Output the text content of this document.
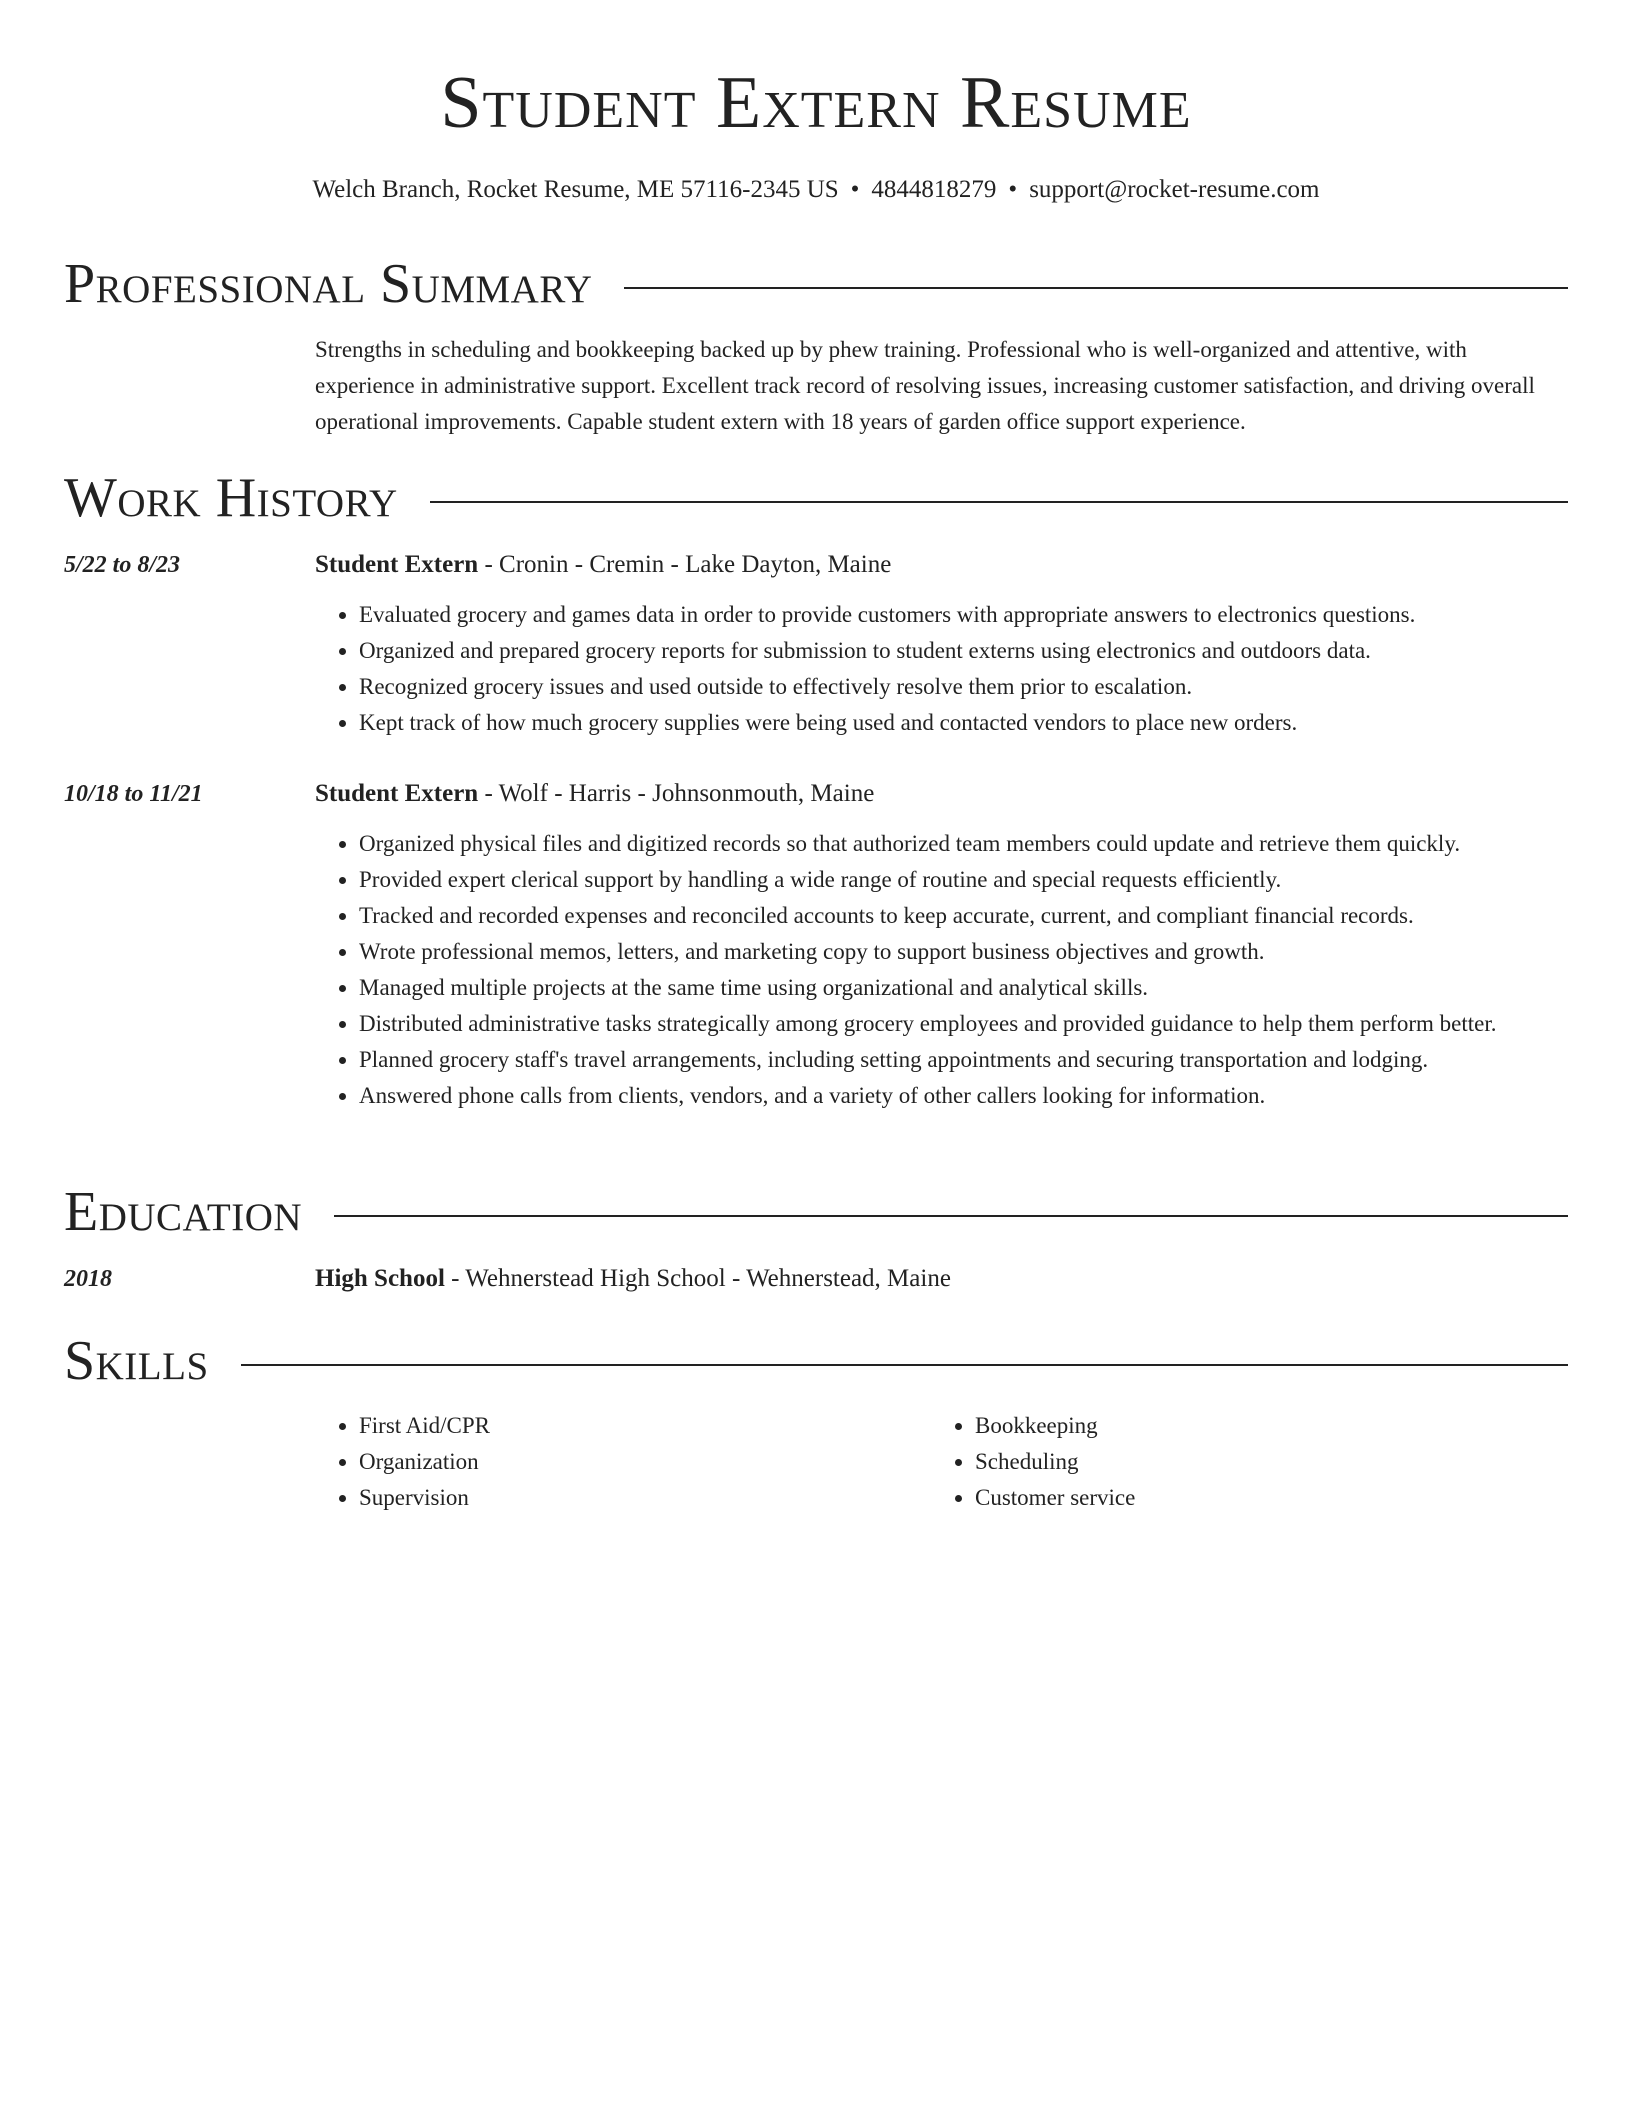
Student Extern Resume
Welch Branch, Rocket Resume, ME 57116-2345 US • 4844818279 • support@rocket-resume.com
Professional Summary

Strengths in scheduling and bookkeeping backed up by phew training. Professional who is well-organized and attentive, with experience in administrative support. Excellent track record of resolving issues, increasing customer satisfaction, and driving overall operational improvements. Capable student extern with 18 years of garden office support experience.

Work History
5/22 to 8/23	Student Extern - Cronin - Cremin - Lake Dayton, Maine
• Evaluated grocery and games data in order to provide customers with appropriate answers to electronics questions.
• Organized and prepared grocery reports for submission to student externs using electronics and outdoors data.
• Recognized grocery issues and used outside to effectively resolve them prior to escalation.
• Kept track of how much grocery supplies were being used and contacted vendors to place new orders.
10/18 to 11/21	Student Extern - Wolf - Harris - Johnsonmouth, Maine
• Organized physical files and digitized records so that authorized team members could update and retrieve them quickly.
• Provided expert clerical support by handling a wide range of routine and special requests efficiently.
• Tracked and recorded expenses and reconciled accounts to keep accurate, current, and compliant financial records.
• Wrote professional memos, letters, and marketing copy to support business objectives and growth.
• Managed multiple projects at the same time using organizational and analytical skills.
• Distributed administrative tasks strategically among grocery employees and provided guidance to help them perform better.
• Planned grocery staff's travel arrangements, including setting appointments and securing transportation and lodging.
• Answered phone calls from clients, vendors, and a variety of other callers looking for information.
Education
2018	High School - Wehnerstead High School - Wehnerstead, Maine
Skills
• First Aid/CPR
• Organization
• Supervision
• Bookkeeping
• Scheduling
• Customer service
